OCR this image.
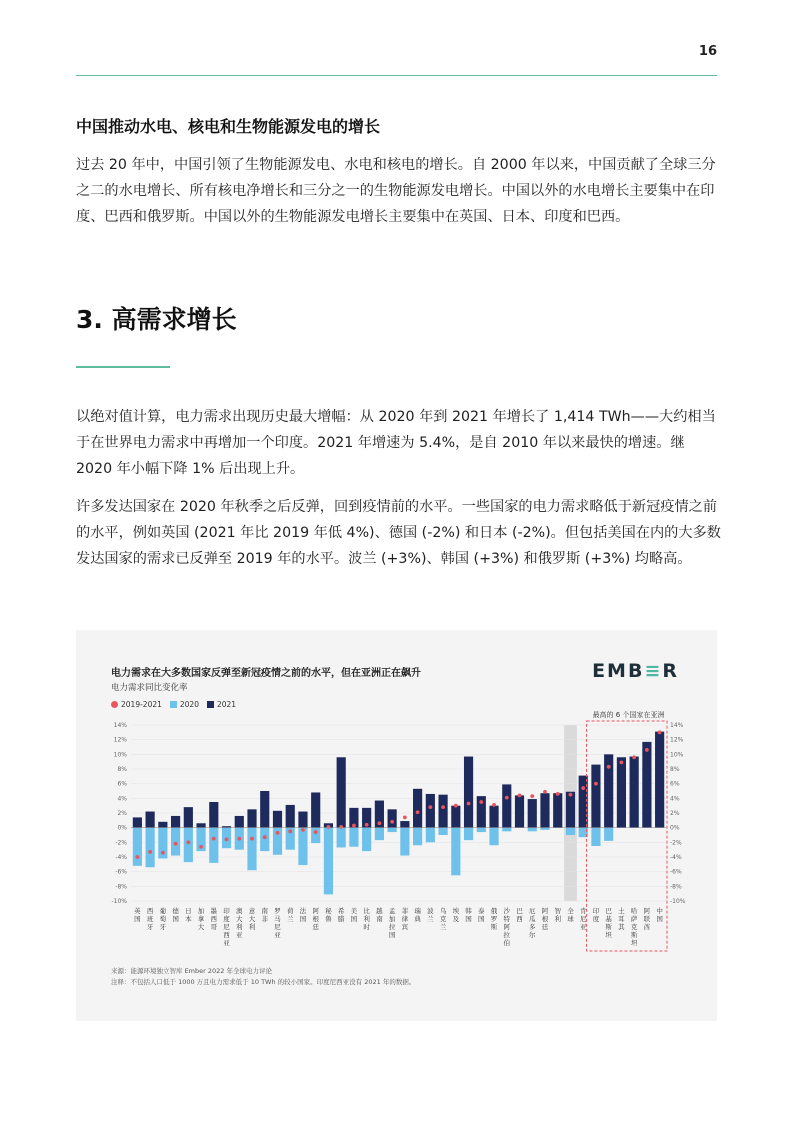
16
中国推动水电、核电和生物能源发电的增长

过去 20 年中，中国引领了生物能源发电、水电和核电的增长。自 2000 年以来，中国贡献了全球三分之二的水电增长、所有核电净增长和三分之一的生物能源发电增长。中国以外的水电增长主要集中在印度、巴西和俄罗斯。中国以外的生物能源发电增长主要集中在英国、日本、印度和巴西。

3. 高需求增长

以绝对值计算，电力需求出现历史最大增幅：从 2020 年到 2021 年增长了 1,414 TWh——大约相当于在世界电力需求中再增加一个印度。2021 年增速为 5.4%，是自 2010 年以来最快的增速。继 2020 年小幅下降 1% 后出现上升。

许多发达国家在 2020 年秋季之后反弹，回到疫情前的水平。一些国家的电力需求略低于新冠疫情之前的水平，例如英国 (2021 年比 2019 年低 4%)、德国 (-2%) 和日本 (-2%)。但包括美国在内的大多数发达国家的需求已反弹至 2019 年的水平。波兰 (+3%)、韩国 (+3%) 和俄罗斯 (+3%) 均略高。

电力需求在大多数国家反弹至新冠疫情之前的水平，但在亚洲正在飙升
电力需求同比变化率
EMB≡R
2019-2021 2020 2021
14%	14%
12%	12%
10%	10%
8%	8%
6%	6%
4%	4%
2%	2%
0%	0%
-2%	-2%
-4%	-4%
-6%	-6%
-8%	-8%
-10%	-10%
英
国
西
班
牙
葡
萄
牙
德
国
日
本
加
拿
大
墨
西
哥
印
度
尼
西
亚
澳
大
利
亚
意
大
利
南
非
罗
马
尼
亚
荷
兰
法
国
阿
根
廷
秘
鲁
希
腊
美
国
比
利
时
越
南
孟
加
拉
国
菲
律
宾
瑞
典
波
兰
乌
克
兰
埃
及
韩
国
泰
国
俄
罗
斯
沙
特
阿
拉
伯
巴
西
厄
瓜
多
尔
阿
根
廷
智
利
全
球
肯
尼
亚
印
度
巴
基
斯
坦
土
耳
其
哈
萨
克
斯
坦
阿
联
酋
中
国
最高的 6 个国家在亚洲
来源：能源环境独立智库 Ember 2022 年全球电力评论
注释：不包括人口低于 1000 万且电力需求低于 10 TWh 的较小国家。印度尼西亚没有 2021 年的数据。
